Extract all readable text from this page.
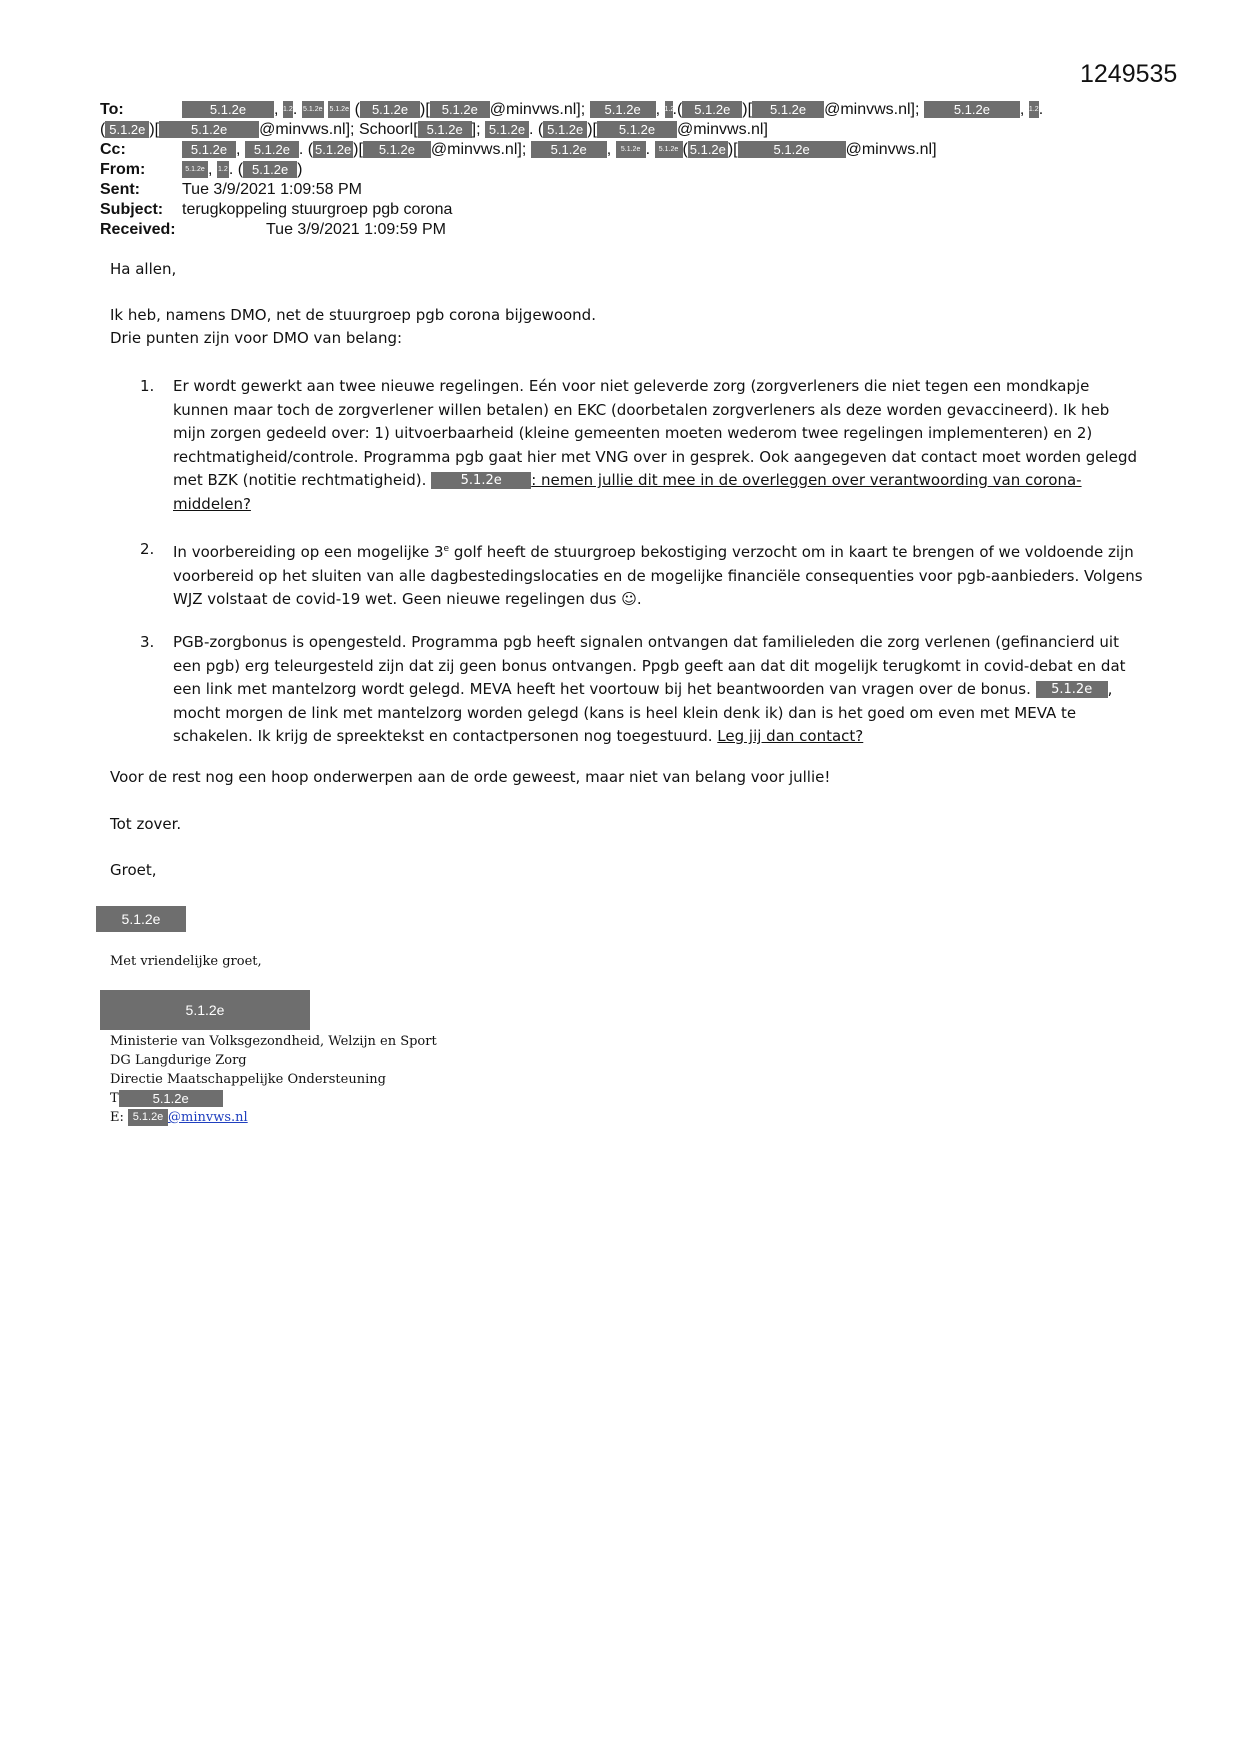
1249535
To:	5.1.2e , 1.2. 5.1.2e 5.1.2e ( 5.1.2e )[ 5.1.2e @minvws.nl]; 5.1.2e , 1.2.( 5.1.2e )[ 5.1.2e @minvws.nl];	5.1.2e , 1.2.
( 5.1.2e )[ 5.1.2e @minvws.nl]; Schoorl[ 5.1.2e ]; 5.1.2e . ( 5.1.2e )[ 5.1.2e @minvws.nl]
Cc:	5.1.2e , 5.1.2e . ( 5.1.2e )[ 5.1.2e @minvws.nl]; 5.1.2e , 5.1.2e . 5.1.2e ( 5.1.2e )[	5.1.2e @minvws.nl]
From:	5.1.2e , 1.2. ( 5.1.2e )
Sent:	Tue 3/9/2021 1:09:58 PM
Subject: terugkoppeling stuurgroep pgb corona
Received:	Tue 3/9/2021 1:09:59 PM

Ha allen,

Ik heb, namens DMO, net de stuurgroep pgb corona bijgewoond.

Drie punten zijn voor DMO van belang:

1. Er wordt gewerkt aan twee nieuwe regelingen. Eén voor niet geleverde zorg (zorgverleners die niet tegen een mondkapje kunnen maar toch de zorgverlener willen betalen) en EKC (doorbetalen zorgverleners als deze worden gevaccineerd). Ik heb mijn zorgen gedeeld over: 1) uitvoerbaarheid (kleine gemeenten moeten wederom twee regelingen implementeren) en 2) rechtmatigheid/controle. Programma pgb gaat hier met VNG over in gesprek. Ook aangegeven dat contact moet worden gelegd met BZK (notitie rechtmatigheid).	5.1.2e : nemen jullie dit mee in de overleggen over verantwoording van corona-middelen?
2. In voorbereiding op een mogelijke 3e golf heeft de stuurgroep bekostiging verzocht om in kaart te brengen of we voldoende zijn voorbereid op het sluiten van alle dagbestedingslocaties en de mogelijke financiële consequenties voor pgb-aanbieders. Volgens WJZ volstaat de covid-19 wet. Geen nieuwe regelingen dus ☺.
3. PGB-zorgbonus is opengesteld. Programma pgb heeft signalen ontvangen dat familieleden die zorg verlenen (gefinancierd uit een pgb) erg teleurgesteld zijn dat zij geen bonus ontvangen. Ppgb geeft aan dat dit mogelijk terugkomt in covid-debat en dat een link met mantelzorg wordt gelegd. MEVA heeft het voortouw bij het beantwoorden van vragen over de bonus. 5.1.2e , mocht morgen de link met mantelzorg worden gelegd (kans is heel klein denk ik) dan is het goed om even met MEVA te schakelen. Ik krijg de spreektekst en contactpersonen nog toegestuurd. Leg jij dan contact?

Voor de rest nog een hoop onderwerpen aan de orde geweest, maar niet van belang voor jullie!

Tot zover.

Groet,

5.1.2e
Met vriendelijke groet,
5.1.2e
Ministerie van Volksgezondheid, Welzijn en Sport
DG Langdurige Zorg
Directie Maatschappelijke Ondersteuning
T	5.1.2e
E: 5.1.2e @minvws.nl
